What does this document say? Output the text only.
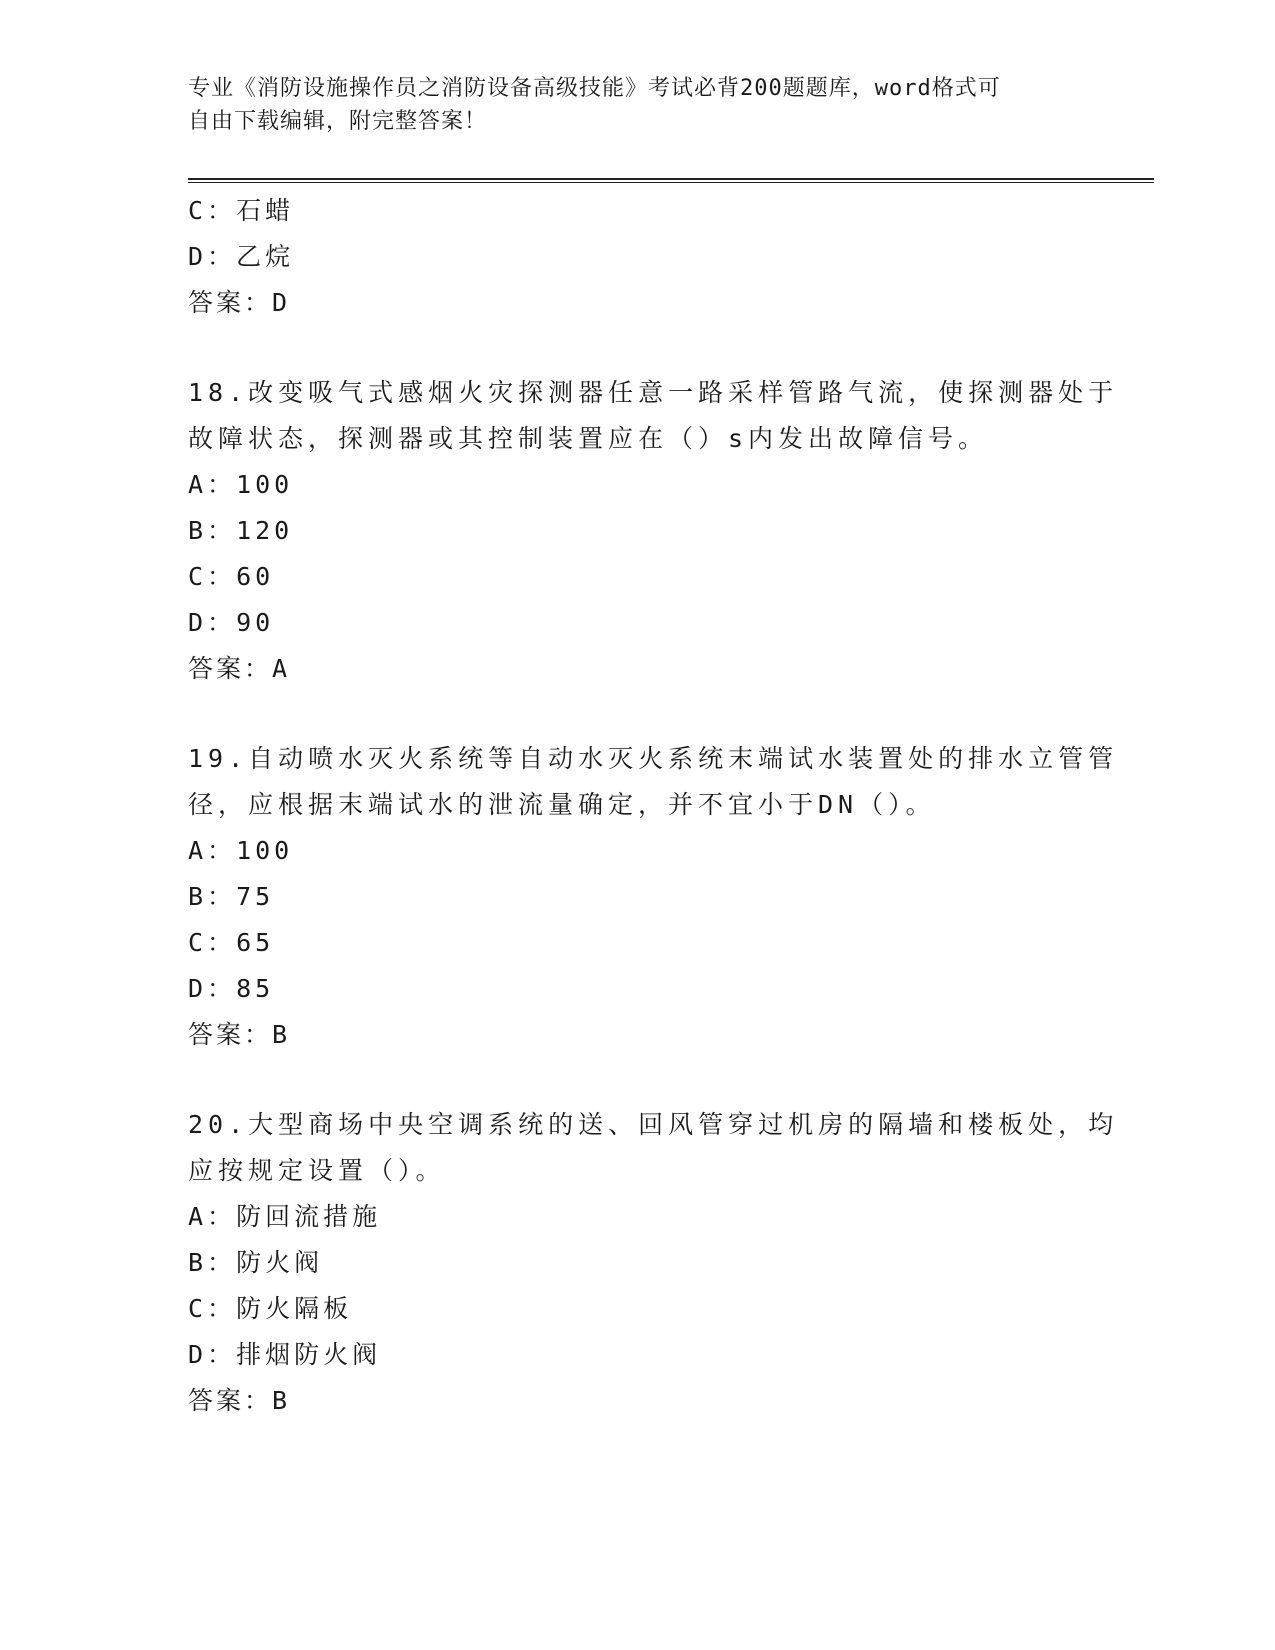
专业《消防设施操作员之消防设备高级技能》考试必背200题题库，word格式可
自由下载编辑，附完整答案！
C：石蜡
D：乙烷
答案：D
18.改变吸气式感烟火灾探测器任意一路采样管路气流，使探测器处于
故障状态，探测器或其控制装置应在（）s内发出故障信号。
A：100
B：120
C：60
D：90
答案：A
19.自动喷水灭火系统等自动水灭火系统末端试水装置处的排水立管管
径，应根据末端试水的泄流量确定，并不宜小于DN（）。
A：100
B：75
C：65
D：85
答案：B
20.大型商场中央空调系统的送、回风管穿过机房的隔墙和楼板处，均
应按规定设置（）。
A：防回流措施
B：防火阀
C：防火隔板
D：排烟防火阀
答案：B
